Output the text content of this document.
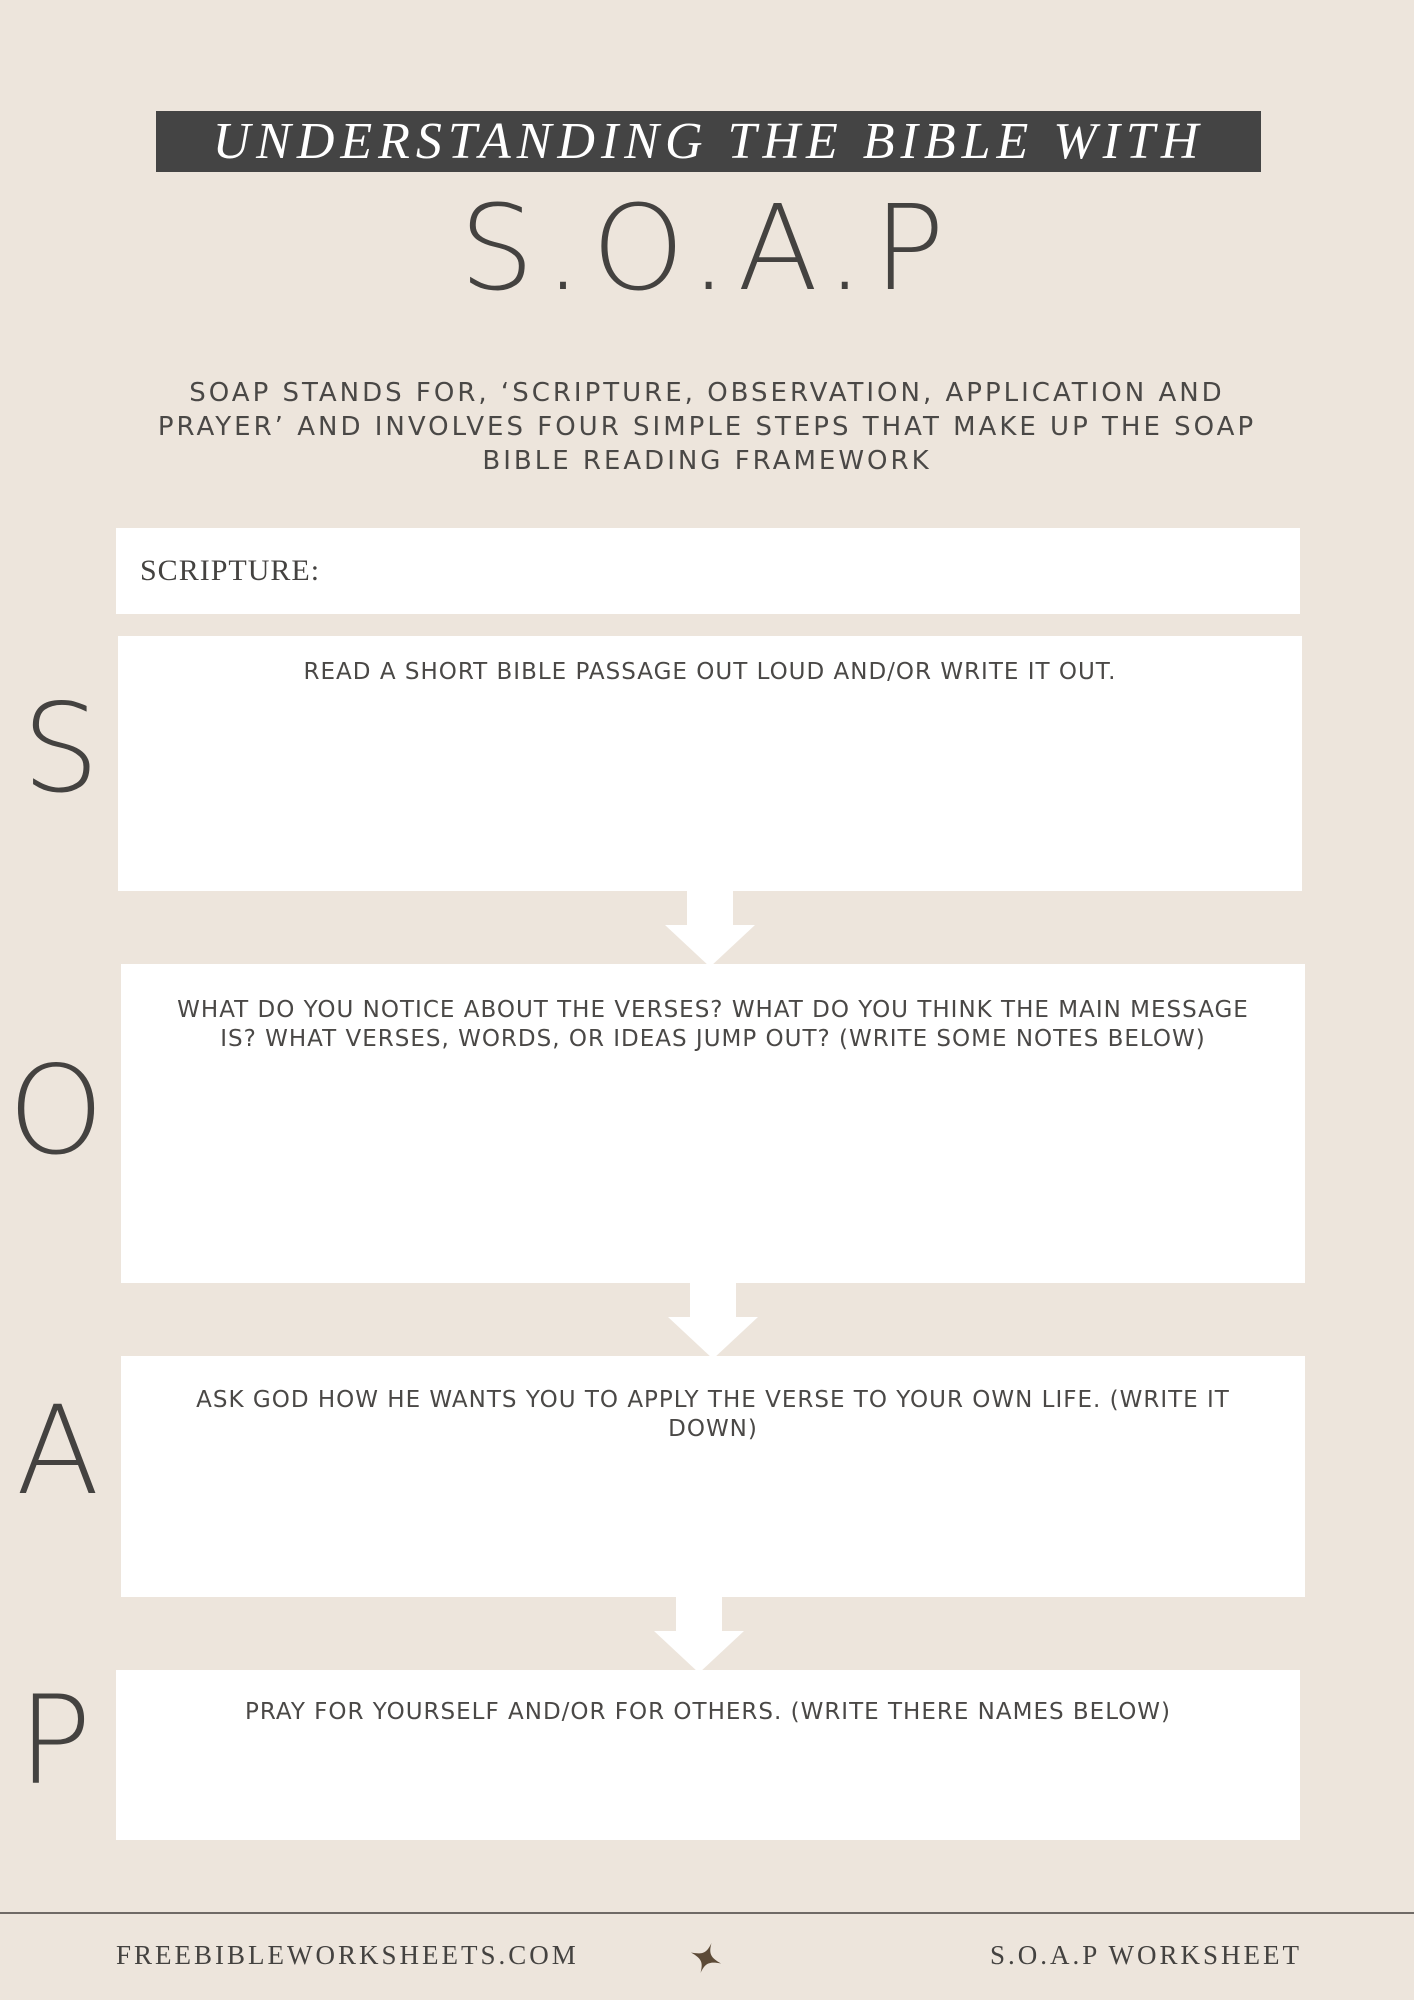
UNDERSTANDING THE BIBLE WITH
S.O.A.P
SOAP STANDS FOR, ‘SCRIPTURE, OBSERVATION, APPLICATION AND PRAYER’ AND INVOLVES FOUR SIMPLE STEPS THAT MAKE UP THE SOAP BIBLE READING FRAMEWORK
SCRIPTURE:
S
READ A SHORT BIBLE PASSAGE OUT LOUD AND/OR WRITE IT OUT.
O
WHAT DO YOU NOTICE ABOUT THE VERSES? WHAT DO YOU THINK THE MAIN MESSAGE IS? WHAT VERSES, WORDS, OR IDEAS JUMP OUT? (WRITE SOME NOTES BELOW)
A	ASK GOD HOW HE WANTS YOU TO APPLY THE VERSE TO YOUR OWN LIFE. (WRITE IT DOWN)
P	PRAY FOR YOURSELF AND/OR FOR OTHERS. (WRITE THERE NAMES BELOW)
FREEBIBLEWORKSHEETS.COM	S.O.A.P WORKSHEET
